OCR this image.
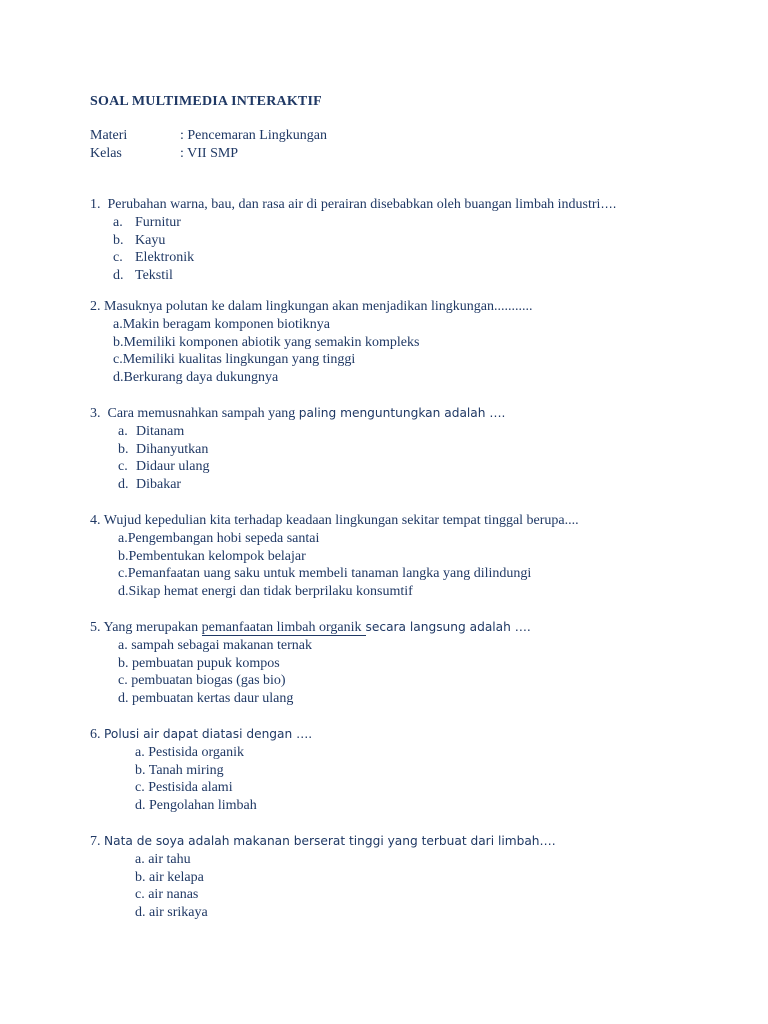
SOAL MULTIMEDIA INTERAKTIF
Materi	: Pencemaran Lingkungan
Kelas	: VII SMP
1. Perubahan warna, bau, dan rasa air di perairan disebabkan oleh buangan limbah industri….
a. Furnitur
b. Kayu
c. Elektronik
d. Tekstil
2. Masuknya polutan ke dalam lingkungan akan menjadikan lingkungan...........
a.Makin beragam komponen biotiknya
b.Memiliki komponen abiotik yang semakin kompleks
c.Memiliki kualitas lingkungan yang tinggi
d.Berkurang daya dukungnya
3. Cara memusnahkan sampah yang paling menguntungkan adalah ….
a. Ditanam
b. Dihanyutkan
c. Didaur ulang
d. Dibakar
4. Wujud kepedulian kita terhadap keadaan lingkungan sekitar tempat tinggal berupa....
a.Pengembangan hobi sepeda santai
b.Pembentukan kelompok belajar
c.Pemanfaatan uang saku untuk membeli tanaman langka yang dilindungi
d.Sikap hemat energi dan tidak berprilaku konsumtif
5. Yang merupakan pemanfaatan limbah organik secara langsung adalah ….
a. sampah sebagai makanan ternak
b. pembuatan pupuk kompos
c. pembuatan biogas (gas bio)
d. pembuatan kertas daur ulang
6. Polusi air dapat diatasi dengan ….
a. Pestisida organik
b. Tanah miring
c. Pestisida alami
d. Pengolahan limbah
7. Nata de soya adalah makanan berserat tinggi yang terbuat dari limbah….
a. air tahu
b. air kelapa
c. air nanas
d. air srikaya
